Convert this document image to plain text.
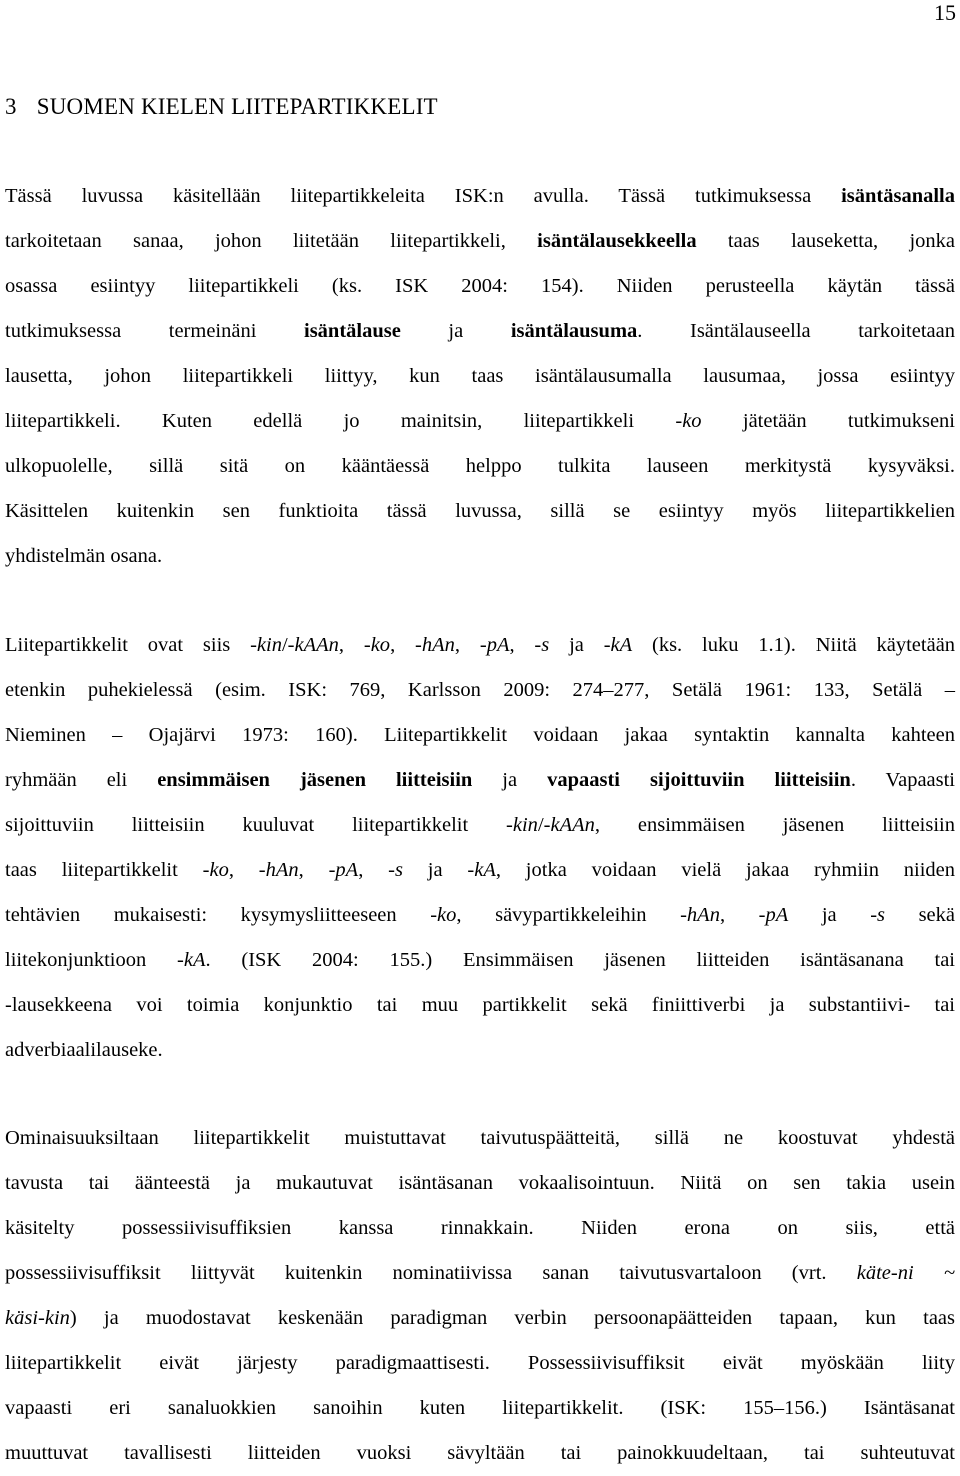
15
3 SUOMEN KIELEN LIITEPARTIKKELIT
Tässä luvussa käsitellään liitepartikkeleita ISK:n avulla. Tässä tutkimuksessa isäntäsanalla
tarkoitetaan sanaa, johon liitetään liitepartikkeli, isäntälausekkeella taas lauseketta, jonka
osassa esiintyy liitepartikkeli (ks. ISK 2004: 154). Niiden perusteella käytän tässä
tutkimuksessa termeinäni isäntälause ja isäntälausuma. Isäntälauseella tarkoitetaan
lausetta, johon liitepartikkeli liittyy, kun taas isäntälausumalla lausumaa, jossa esiintyy
liitepartikkeli. Kuten edellä jo mainitsin, liitepartikkeli -ko jätetään tutkimukseni
ulkopuolelle, sillä sitä on kääntäessä helppo tulkita lauseen merkitystä kysyväksi.
Käsittelen kuitenkin sen funktioita tässä luvussa, sillä se esiintyy myös liitepartikkelien
yhdistelmän osana.
Liitepartikkelit ovat siis -kin/-kAAn, -ko, -hAn, -pA, -s ja -kA (ks. luku 1.1). Niitä käytetään
etenkin puhekielessä (esim. ISK: 769, Karlsson 2009: 274–277, Setälä 1961: 133, Setälä –
Nieminen – Ojajärvi 1973: 160). Liitepartikkelit voidaan jakaa syntaktin kannalta kahteen
ryhmään eli ensimmäisen jäsenen liitteisiin ja vapaasti sijoittuviin liitteisiin. Vapaasti
sijoittuviin liitteisiin kuuluvat liitepartikkelit -kin/-kAAn, ensimmäisen jäsenen liitteisiin
taas liitepartikkelit -ko, -hAn, -pA, -s ja -kA, jotka voidaan vielä jakaa ryhmiin niiden
tehtävien mukaisesti: kysymysliitteeseen -ko, sävypartikkeleihin -hAn, -pA ja -s sekä
liitekonjunktioon -kA. (ISK 2004: 155.) Ensimmäisen jäsenen liitteiden isäntäsanana tai
-lausekkeena voi toimia konjunktio tai muu partikkelit sekä finiittiverbi ja substantiivi- tai
adverbiaalilauseke.
Ominaisuuksiltaan liitepartikkelit muistuttavat taivutuspäätteitä, sillä ne koostuvat yhdestä
tavusta tai äänteestä ja mukautuvat isäntäsanan vokaalisointuun. Niitä on sen takia usein
käsitelty possessiivisuffiksien kanssa rinnakkain. Niiden erona on siis, että
possessiivisuffiksit liittyvät kuitenkin nominatiivissa sanan taivutusvartaloon (vrt. käte-ni ~
käsi-kin) ja muodostavat keskenään paradigman verbin persoonapäätteiden tapaan, kun taas
liitepartikkelit eivät järjesty paradigmaattisesti. Possessiivisuffiksit eivät myöskään liity
vapaasti eri sanaluokkien sanoihin kuten liitepartikkelit. (ISK: 155–156.) Isäntäsanat
muuttuvat tavallisesti liitteiden vuoksi sävyltään tai painokkuudeltaan, tai suhteutuvat
